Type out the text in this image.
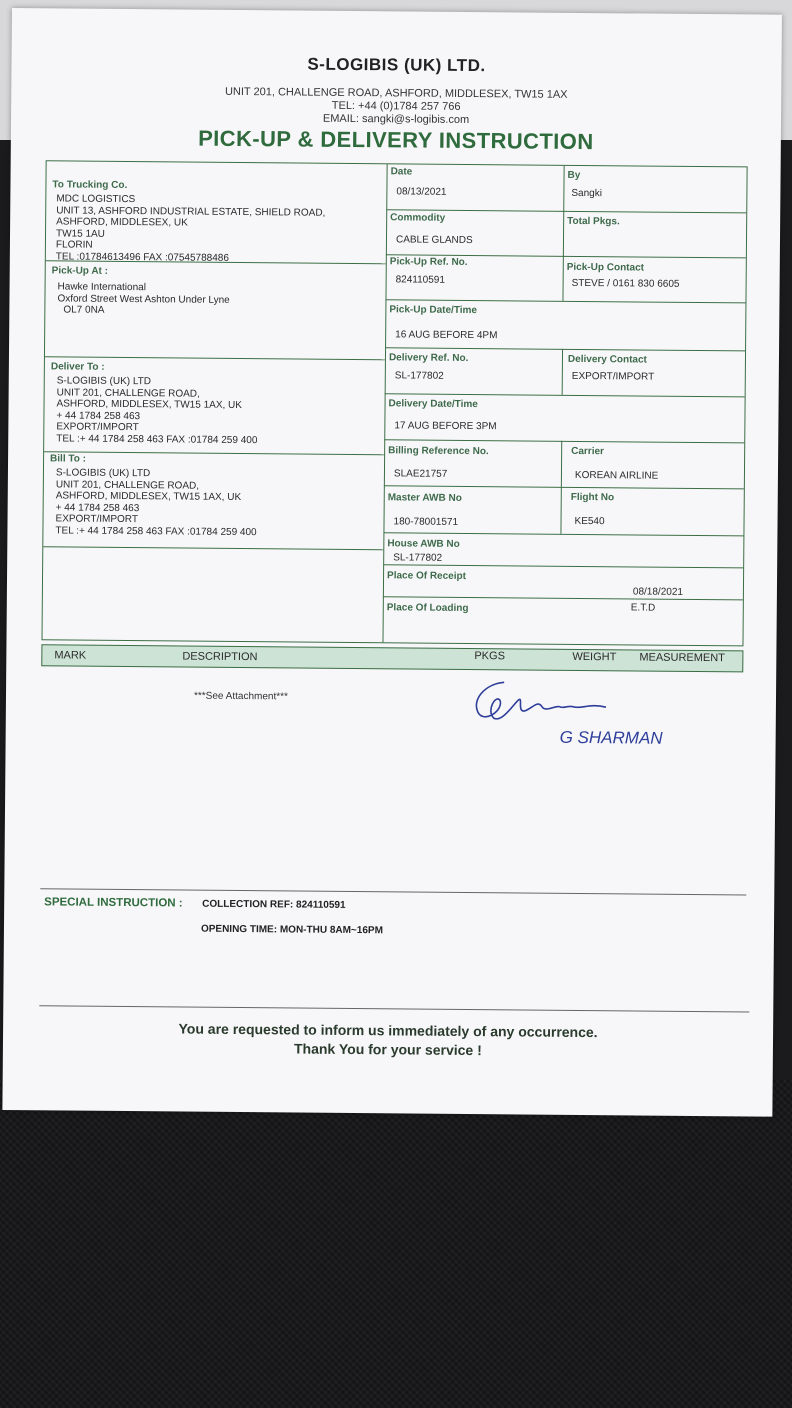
S-LOGIBIS (UK) LTD.
UNIT 201, CHALLENGE ROAD, ASHFORD, MIDDLESEX, TW15 1AX
TEL: +44 (0)1784 257 766
EMAIL: sangki@s-logibis.com
PICK-UP & DELIVERY INSTRUCTION
To Trucking Co.
MDC LOGISTICS
UNIT 13, ASHFORD INDUSTRIAL ESTATE, SHIELD ROAD,
ASHFORD, MIDDLESEX, UK
TW15 1AU
FLORIN
TEL :01784613496 FAX :07545788486
Pick-Up At :
Hawke International
Oxford Street West Ashton Under Lyne
OL7 0NA
Deliver To :
S-LOGIBIS (UK) LTD
UNIT 201, CHALLENGE ROAD,
ASHFORD, MIDDLESEX, TW15 1AX, UK
+ 44 1784 258 463
EXPORT/IMPORT
TEL :+ 44 1784 258 463 FAX :01784 259 400
Bill To :
S-LOGIBIS (UK) LTD
UNIT 201, CHALLENGE ROAD,
ASHFORD, MIDDLESEX, TW15 1AX, UK
+ 44 1784 258 463
EXPORT/IMPORT
TEL :+ 44 1784 258 463 FAX :01784 259 400
Date
08/13/2021
By
Sangki
Commodity
CABLE GLANDS
Total Pkgs.
Pick-Up Ref. No.
824110591
Pick-Up Contact
STEVE / 0161 830 6605
Pick-Up Date/Time
16 AUG BEFORE 4PM
Delivery Ref. No.
SL-177802
Delivery Contact
EXPORT/IMPORT
Delivery Date/Time
17 AUG BEFORE 3PM
Billing Reference No.
SLAE21757
Carrier
KOREAN AIRLINE
Master AWB No
180-78001571
Flight No
KE540
House AWB No
SL-177802
Place Of Receipt
08/18/2021
Place Of Loading	E.T.D
MARK	DESCRIPTION	PKGS	WEIGHT MEASUREMENT
***See Attachment***
G SHARMAN
SPECIAL INSTRUCTION : COLLECTION REF: 824110591
OPENING TIME: MON-THU 8AM~16PM
You are requested to inform us immediately of any occurrence.
Thank You for your service !
